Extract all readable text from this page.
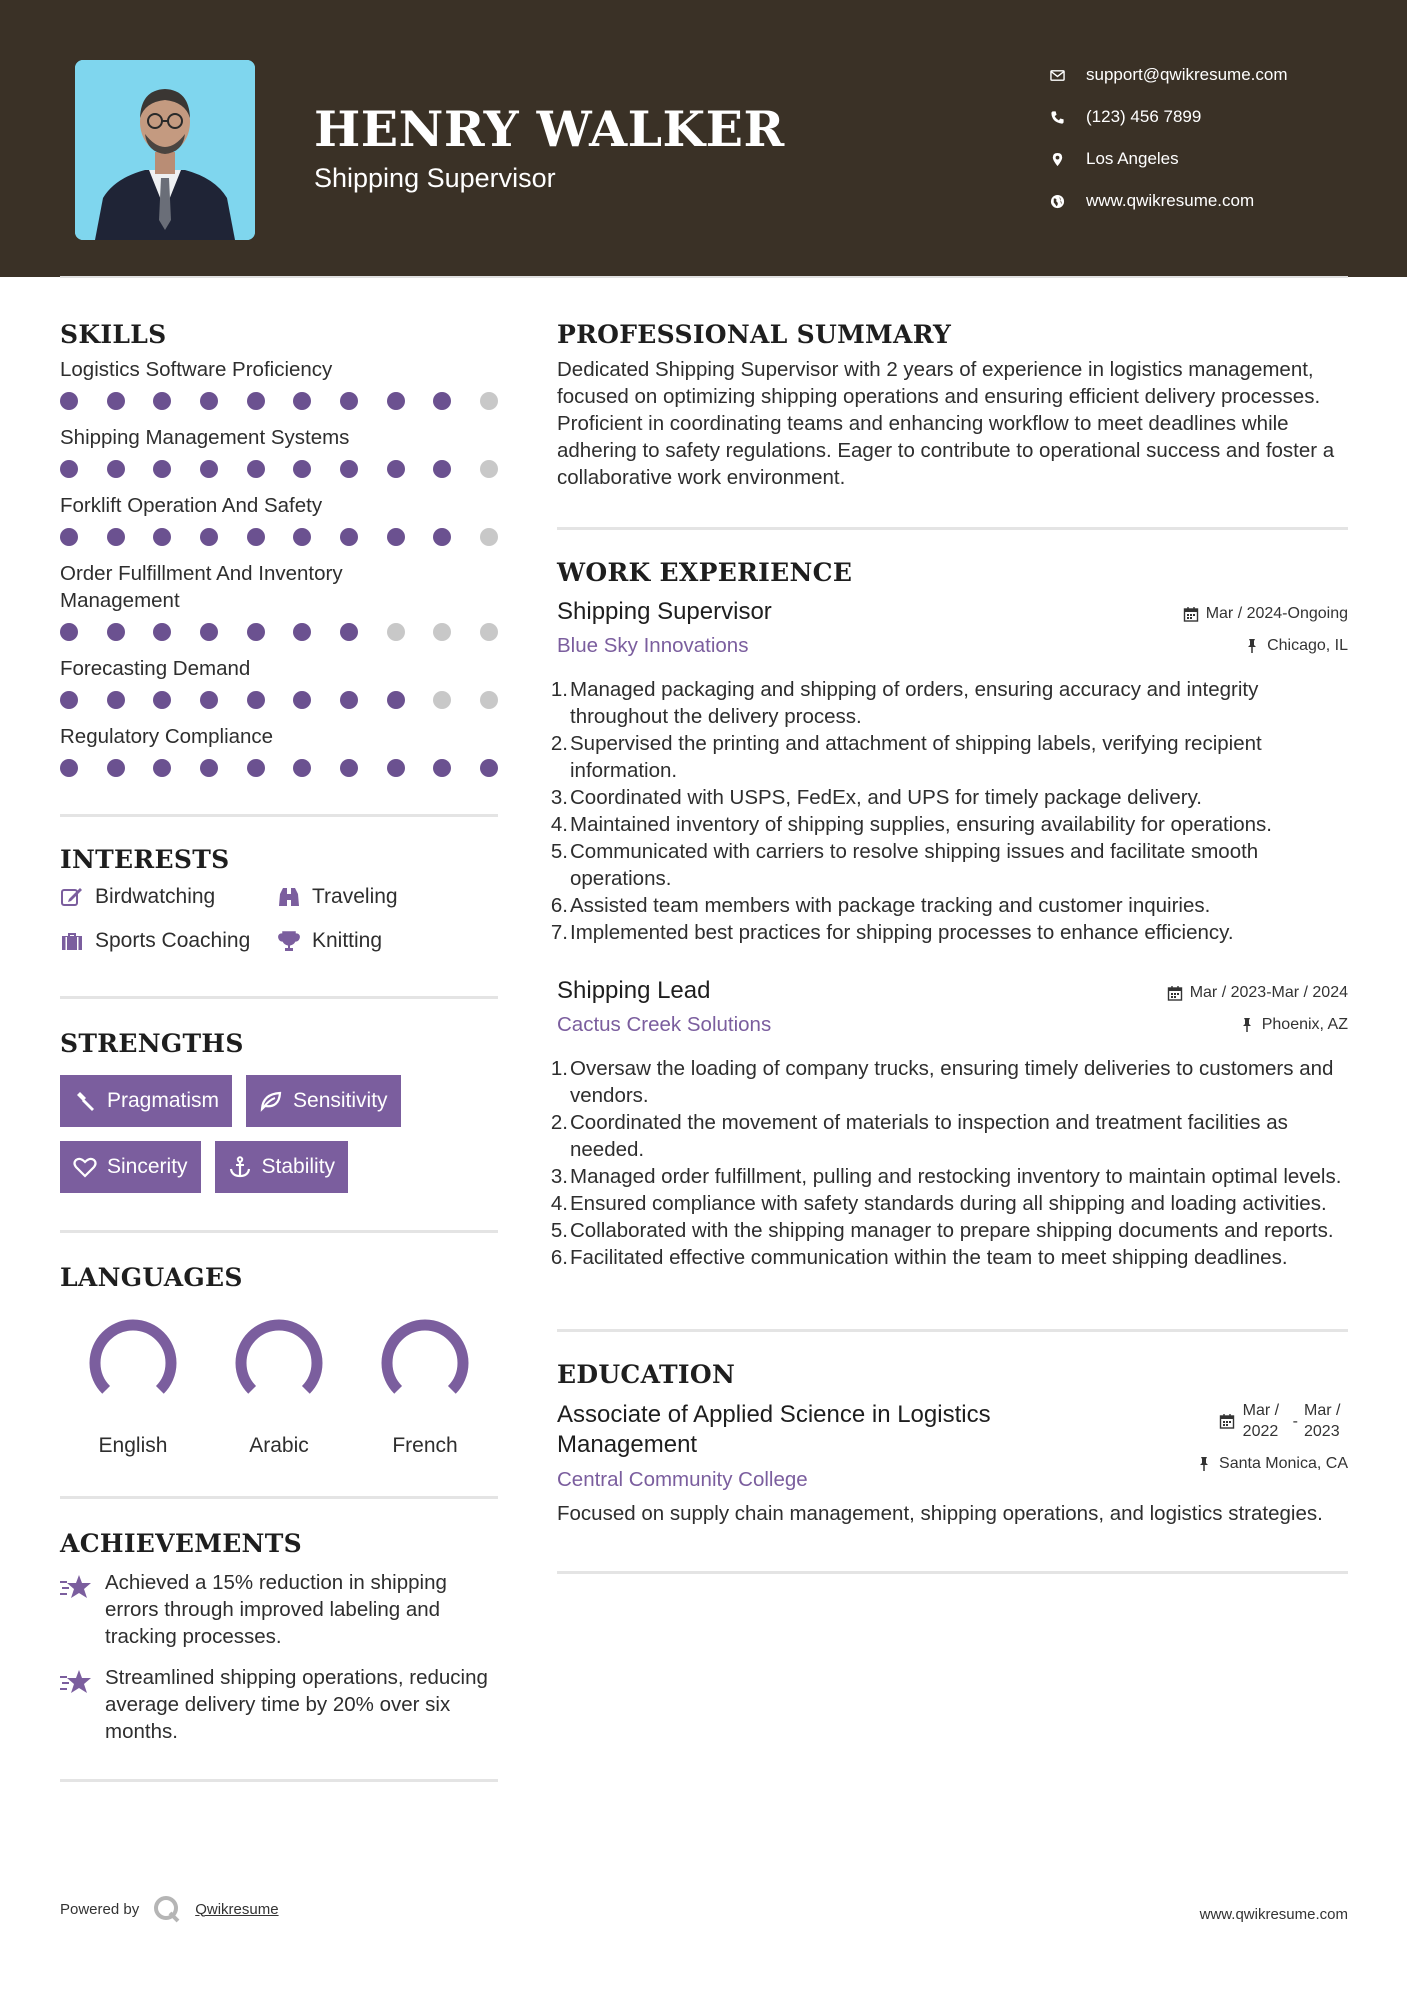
HENRY WALKER
Shipping Supervisor
support@qwikresume.com
(123) 456 7899
Los Angeles
www.qwikresume.com
SKILLS
Logistics Software Proficiency
Shipping Management Systems
Forklift Operation And Safety
Order Fulfillment And Inventory Management
Forecasting Demand
Regulatory Compliance
INTERESTS
Birdwatching	Traveling
Sports Coaching	Knitting
STRENGTHS
Pragmatism	Sensitivity
Sincerity	Stability
LANGUAGES
English	Arabic	French
ACHIEVEMENTS
Achieved a 15% reduction in shipping errors through improved labeling and tracking processes.
Streamlined shipping operations, reducing average delivery time by 20% over six months.
PROFESSIONAL SUMMARY
Dedicated Shipping Supervisor with 2 years of experience in logistics management, focused on optimizing shipping operations and ensuring efficient delivery processes. Proficient in coordinating teams and enhancing workflow to meet deadlines while adhering to safety regulations. Eager to contribute to operational success and foster a collaborative work environment.
WORK EXPERIENCE
Shipping Supervisor
Blue Sky Innovations
Mar / 2024-Ongoing
Chicago, IL
1. Managed packaging and shipping of orders, ensuring accuracy and integrity throughout the delivery process.
2. Supervised the printing and attachment of shipping labels, verifying recipient information.
3. Coordinated with USPS, FedEx, and UPS for timely package delivery.
4. Maintained inventory of shipping supplies, ensuring availability for operations.
5. Communicated with carriers to resolve shipping issues and facilitate smooth operations.
6. Assisted team members with package tracking and customer inquiries.
7. Implemented best practices for shipping processes to enhance efficiency.
Shipping Lead
Cactus Creek Solutions
Mar / 2023-Mar / 2024
Phoenix, AZ
1. Oversaw the loading of company trucks, ensuring timely deliveries to customers and vendors.
2. Coordinated the movement of materials to inspection and treatment facilities as needed.
3. Managed order fulfillment, pulling and restocking inventory to maintain optimal levels.
4. Ensured compliance with safety standards during all shipping and loading activities.
5. Collaborated with the shipping manager to prepare shipping documents and reports.
6. Facilitated effective communication within the team to meet shipping deadlines.
EDUCATION
Associate of Applied Science in Logistics Management
Central Community College
Mar / 2022
-
Mar / 2023
Santa Monica, CA
Focused on supply chain management, shipping operations, and logistics strategies.
Powered by	Qwikresume	www.qwikresume.com
